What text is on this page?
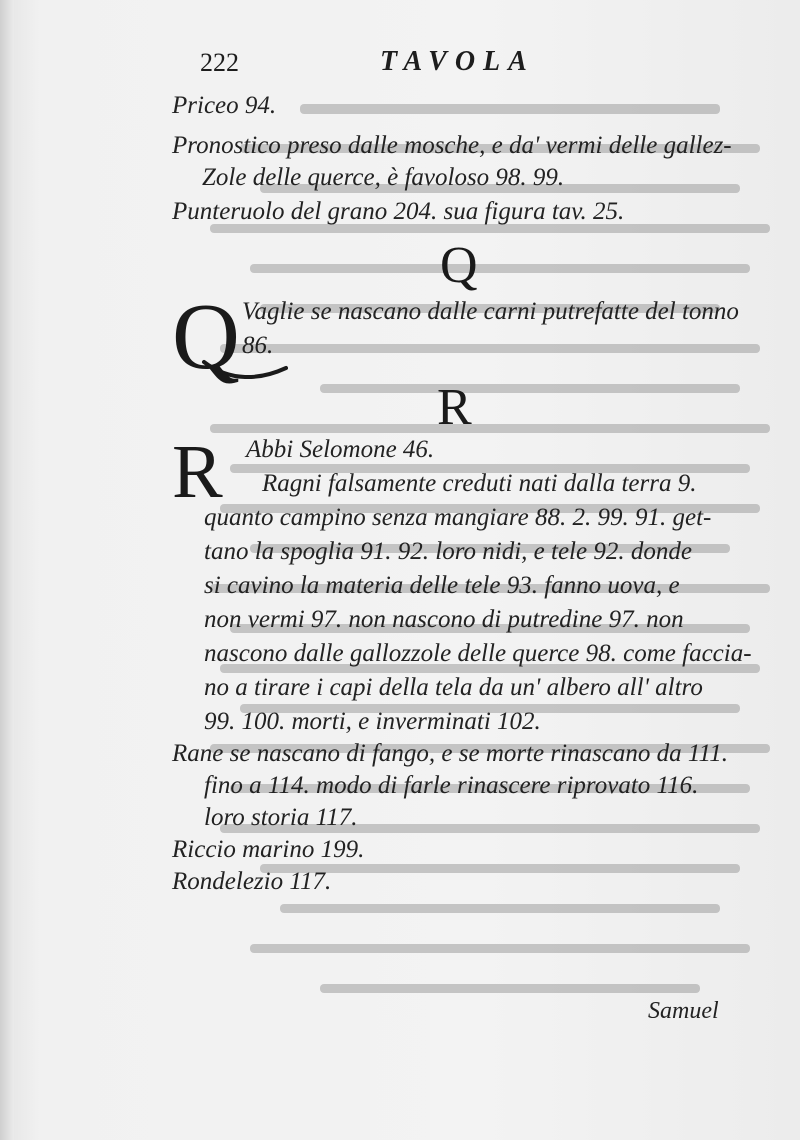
222	TAVOLA
Priceo 94.
Pronostico preso dalle mosche, e da' vermi delle gallez-
Zole delle querce, è favoloso 98. 99.
Punteruolo del grano 204. sua figura tav. 25.
Q
Q Vaglie se nascano dalle carni putrefatte del tonno
86.
R
R Abbi Selomone 46.
Ragni falsamente creduti nati dalla terra 9.
quanto campino senza mangiare 88. 2. 99. 91. get-
tano la spoglia 91. 92. loro nidi, e tele 92. donde
si cavino la materia delle tele 93. fanno uova, e
non vermi 97. non nascono di putredine 97. non
nascono dalle gallozzole delle querce 98. come faccia-
no a tirare i capi della tela da un' albero all' altro
99. 100. morti, e inverminati 102.
Rane se nascano di fango, e se morte rinascano da 111.
fino a 114. modo di farle rinascere riprovato 116.
loro storia 117.
Riccio marino 199.
Rondelezio 117.
Samuel
